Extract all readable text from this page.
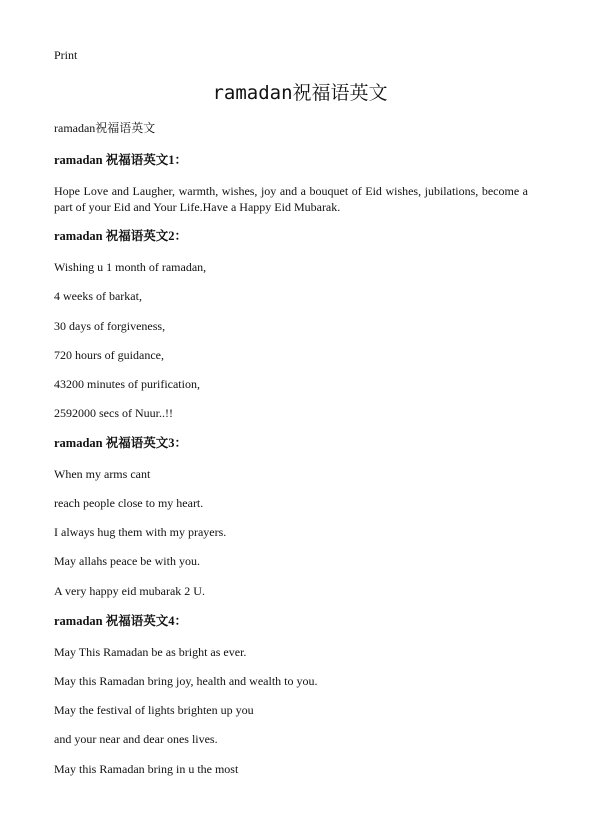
Print
ramadan祝福语英文
ramadan祝福语英文
ramadan 祝福语英文1：
Hope Love and Laugher, warmth, wishes, joy and a bouquet of Eid wishes, jubilations, become a part of your Eid and Your Life.Have a Happy Eid Mubarak.
ramadan 祝福语英文2：
Wishing u 1 month of ramadan,
4 weeks of barkat,
30 days of forgiveness,
720 hours of guidance,
43200 minutes of purification,
2592000 secs of Nuur..!!
ramadan 祝福语英文3：
When my arms cant
reach people close to my heart.
I always hug them with my prayers.
May allahs peace be with you.
A very happy eid mubarak 2 U.
ramadan 祝福语英文4：
May This Ramadan be as bright as ever.
May this Ramadan bring joy, health and wealth to you.
May the festival of lights brighten up you
and your near and dear ones lives.
May this Ramadan bring in u the most
